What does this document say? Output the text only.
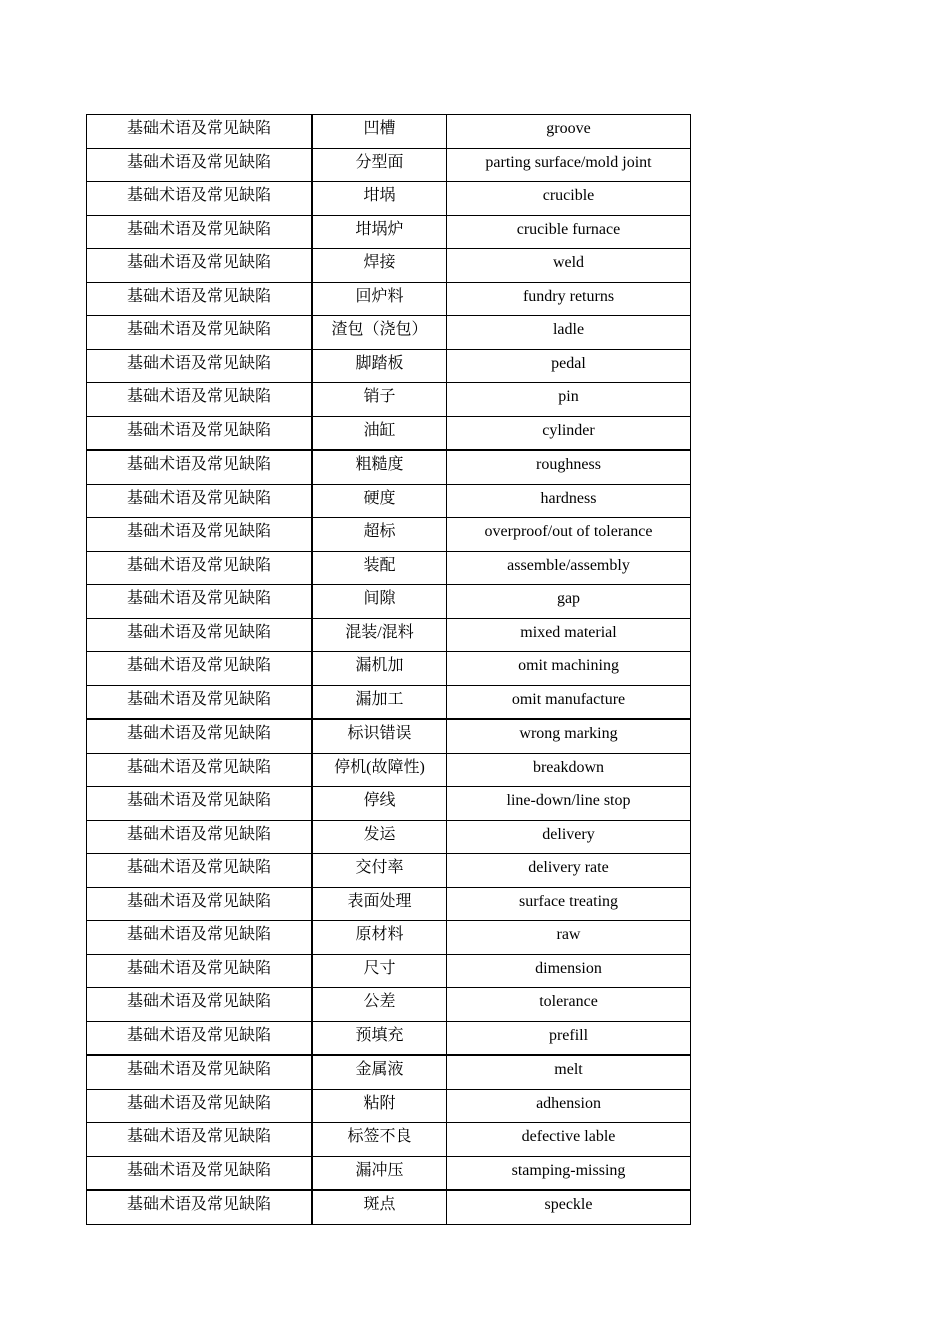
基础术语及常见缺陷	凹槽	groove
基础术语及常见缺陷	分型面	parting surface/mold joint
基础术语及常见缺陷	坩埚	crucible
基础术语及常见缺陷	坩埚炉	crucible furnace
基础术语及常见缺陷	焊接	weld
基础术语及常见缺陷	回炉料	fundry returns
基础术语及常见缺陷	渣包（浇包）	ladle
基础术语及常见缺陷	脚踏板	pedal
基础术语及常见缺陷	销子	pin
基础术语及常见缺陷	油缸	cylinder
基础术语及常见缺陷	粗糙度	roughness
基础术语及常见缺陷	硬度	hardness
基础术语及常见缺陷	超标	overproof/out of tolerance
基础术语及常见缺陷	装配	assemble/assembly
基础术语及常见缺陷	间隙	gap
基础术语及常见缺陷	混装/混料	mixed material
基础术语及常见缺陷	漏机加	omit machining
基础术语及常见缺陷	漏加工	omit manufacture
基础术语及常见缺陷	标识错误	wrong marking
基础术语及常见缺陷	停机(故障性)	breakdown
基础术语及常见缺陷	停线	line-down/line stop
基础术语及常见缺陷	发运	delivery
基础术语及常见缺陷	交付率	delivery rate
基础术语及常见缺陷	表面处理	surface treating
基础术语及常见缺陷	原材料	raw
基础术语及常见缺陷	尺寸	dimension
基础术语及常见缺陷	公差	tolerance
基础术语及常见缺陷	预填充	prefill
基础术语及常见缺陷	金属液	melt
基础术语及常见缺陷	粘附	adhension
基础术语及常见缺陷	标签不良	defective lable
基础术语及常见缺陷	漏冲压	stamping-missing
基础术语及常见缺陷	斑点	speckle
